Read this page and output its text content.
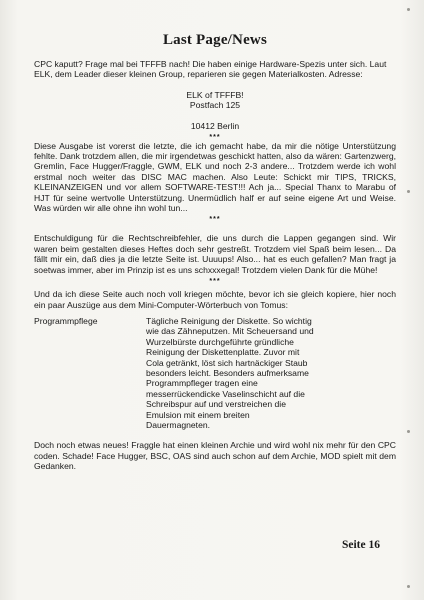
Last Page/News

CPC kaputt? Frage mal bei TFFFB nach! Die haben einige Hardware-Spezis unter sich. Laut ELK, dem Leader dieser kleinen Group, reparieren sie gegen Materialkosten. Adresse:

ELK of TFFFB!
Postfach 125
10412 Berlin
***

Diese Ausgabe ist vorerst die letzte, die ich gemacht habe, da mir die nötige Unterstützung fehlte. Dank trotzdem allen, die mir irgendetwas geschickt hatten, also da wären: Gartenzwerg, Gremlin, Face Hugger/Fraggle, GWM, ELK und noch 2-3 andere... Trotzdem werde ich wohl erstmal noch weiter das DISC MAC machen. Also Leute: Schickt mir TIPS, TRICKS, KLEINANZEIGEN und vor allem SOFTWARE-TEST!!! Ach ja... Special Thanx to Marabu of HJT für seine wertvolle Unterstützung. Unermüdlich half er auf seine eigene Art und Weise. Was würden wir alle ohne ihn wohl tun...

***

Entschuldigung für die Rechtschreibfehler, die uns durch die Lappen gegangen sind. Wir waren beim gestalten dieses Heftes doch sehr gestreßt. Trotzdem viel Spaß beim lesen... Da fällt mir ein, daß dies ja die letzte Seite ist. Uuuups! Also... hat es euch gefallen? Man fragt ja soetwas immer, aber im Prinzip ist es uns schxxxegal! Trotzdem vielen Dank für die Mühe!

***

Und da ich diese Seite auch noch voll kriegen möchte, bevor ich sie gleich kopiere, hier noch ein paar Auszüge aus dem Mini-Computer-Wörterbuch von Tomus:

Programmpflege	Tägliche Reinigung der Diskette. So wichtig wie das Zähneputzen. Mit Scheuersand und Wurzelbürste durchgeführte gründliche Reinigung der Diskettenplatte. Zuvor mit Cola getränkt, löst sich hartnäckiger Staub besonders leicht. Besonders aufmerksame Programmpfleger tragen eine messerrückendicke Vaselinschicht auf die Schreibspur auf und verstreichen die Emulsion mit einem breiten Dauermagneten.

Doch noch etwas neues! Fraggle hat einen kleinen Archie und wird wohl nix mehr für den CPC coden. Schade! Face Hugger, BSC, OAS sind auch schon auf dem Archie, MOD spielt mit dem Gedanken.

Seite 16
